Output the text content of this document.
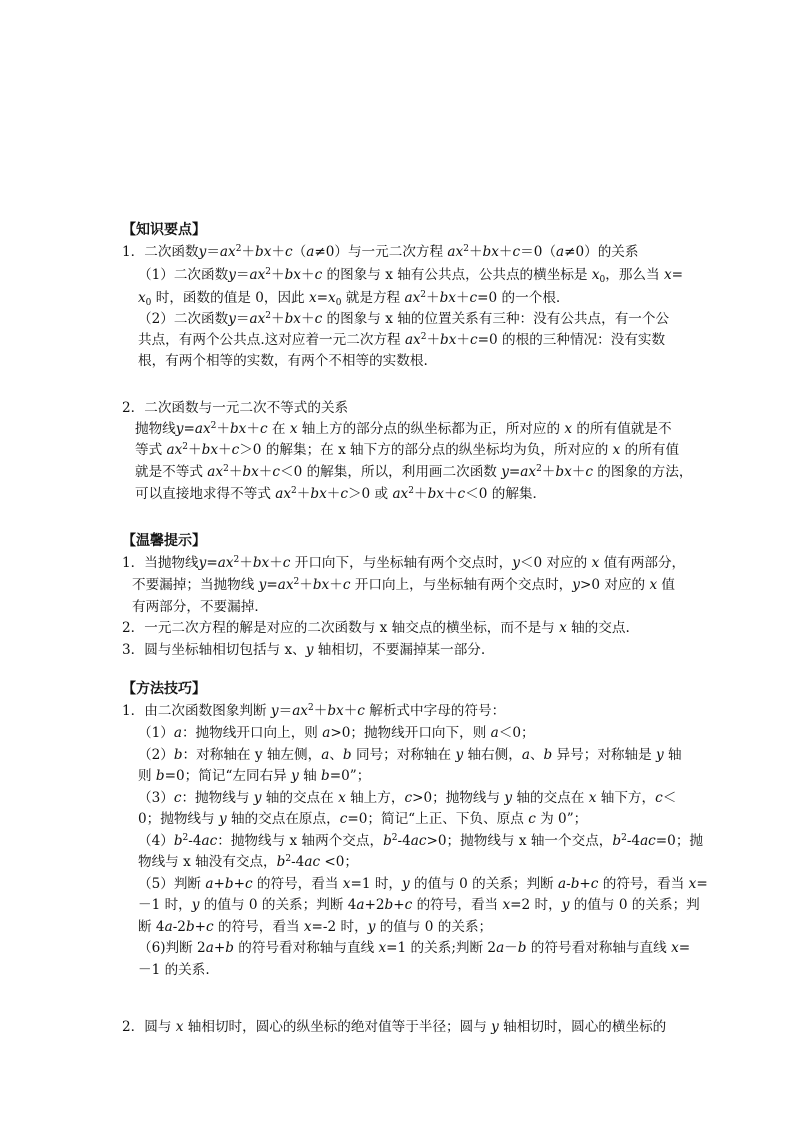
【知识要点】
1．二次函数$y=ax^2+bx+c(a\ne 0)$与一元二次方程 $ax^2+bx+c=0(a\ne 0)$的关系
（1）二次函数$y=ax^2+bx+c$ 的图象与 x 轴有公共点，公共点的横坐标是 $x_0$，那么当 x=
$x_0$ 时，函数的值是 0，因此 $x=x_0$ 就是方程 $ax^2+bx+c=0$ 的一个根.
（2）二次函数$y=ax^2+bx+c$ 的图象与 x 轴的位置关系有三种：没有公共点，有一个公
共点，有两个公共点.这对应着一元二次方程 $ax^2+bx+c=0$ 的根的三种情况：没有实数
根，有两个相等的实数，有两个不相等的实数根.
2．二次函数与一元二次不等式的关系
抛物线$y=ax^2+bx+c$ 在 x 轴上方的部分点的纵坐标都为正，所对应的 x 的所有值就是不
等式 $ax^2+bx+c>0$ 的解集；在 x 轴下方的部分点的纵坐标均为负，所对应的 x 的所有值
就是不等式 $ax^2+bx+c<0$ 的解集，所以，利用画二次函数 $y=ax^2+bx+c$ 的图象的方法，
可以直接地求得不等式 $ax^2+bx+c>0$ 或 $ax^2+bx+c<0$ 的解集．
【温馨提示】
1．当抛物线$y=ax^2+bx+c$ 开口向下，与坐标轴有两个交点时，y＜0 对应的 x 值有两部分，
不要漏掉；当抛物线 $y=ax^2+bx+c$ 开口向上，与坐标轴有两个交点时，y>0 对应的 x 值
有两部分，不要漏掉．
2．一元二次方程的解是对应的二次函数与 x 轴交点的横坐标，而不是与 x 轴的交点.
3．圆与坐标轴相切包括与 x、y 轴相切，不要漏掉某一部分.
【方法技巧】
1．由二次函数图象判断 $y=ax^2+bx+c$ 解析式中字母的符号：
（1）a：抛物线开口向上，则 a>0；抛物线开口向下，则 a＜0；
（2）b：对称轴在 y 轴左侧，a、b 同号；对称轴在 y 轴右侧，a、b 异号；对称轴是 y 轴
则 b=0；简记“左同右异 y 轴 b=0”；
（3）c：抛物线与 y 轴的交点在 x 轴上方，c>0；抛物线与 y 轴的交点在 x 轴下方，c＜
0；抛物线与 y 轴的交点在原点，c=0；简记“上正、下负、原点 c 为 0”；
$(4)b^2-4ac$：抛物线与 x 轴两个交点，$b^2-4ac>0$；抛物线与 x 轴一个交点，$b^2-4ac=0$；抛
物线与 x 轴没有交点，$b^2-4ac <0$；
（5）判断 a+b+c 的符号，看当 x=1 时，y 的值与 0 的关系；判断 a-b+c 的符号，看当 x=
－1 时，y 的值与 0 的关系；判断 4a+2b+c 的符号，看当 x=2 时，y 的值与 0 的关系；判
断 4a-2b+c 的符号，看当 x=-2 时，y 的值与 0 的关系；
（6)判断 2a+b 的符号看对称轴与直线 x=1 的关系;判断 2a－b 的符号看对称轴与直线 x=
－1 的关系.
2．圆与 x 轴相切时，圆心的纵坐标的绝对值等于半径；圆与 y 轴相切时，圆心的横坐标的
